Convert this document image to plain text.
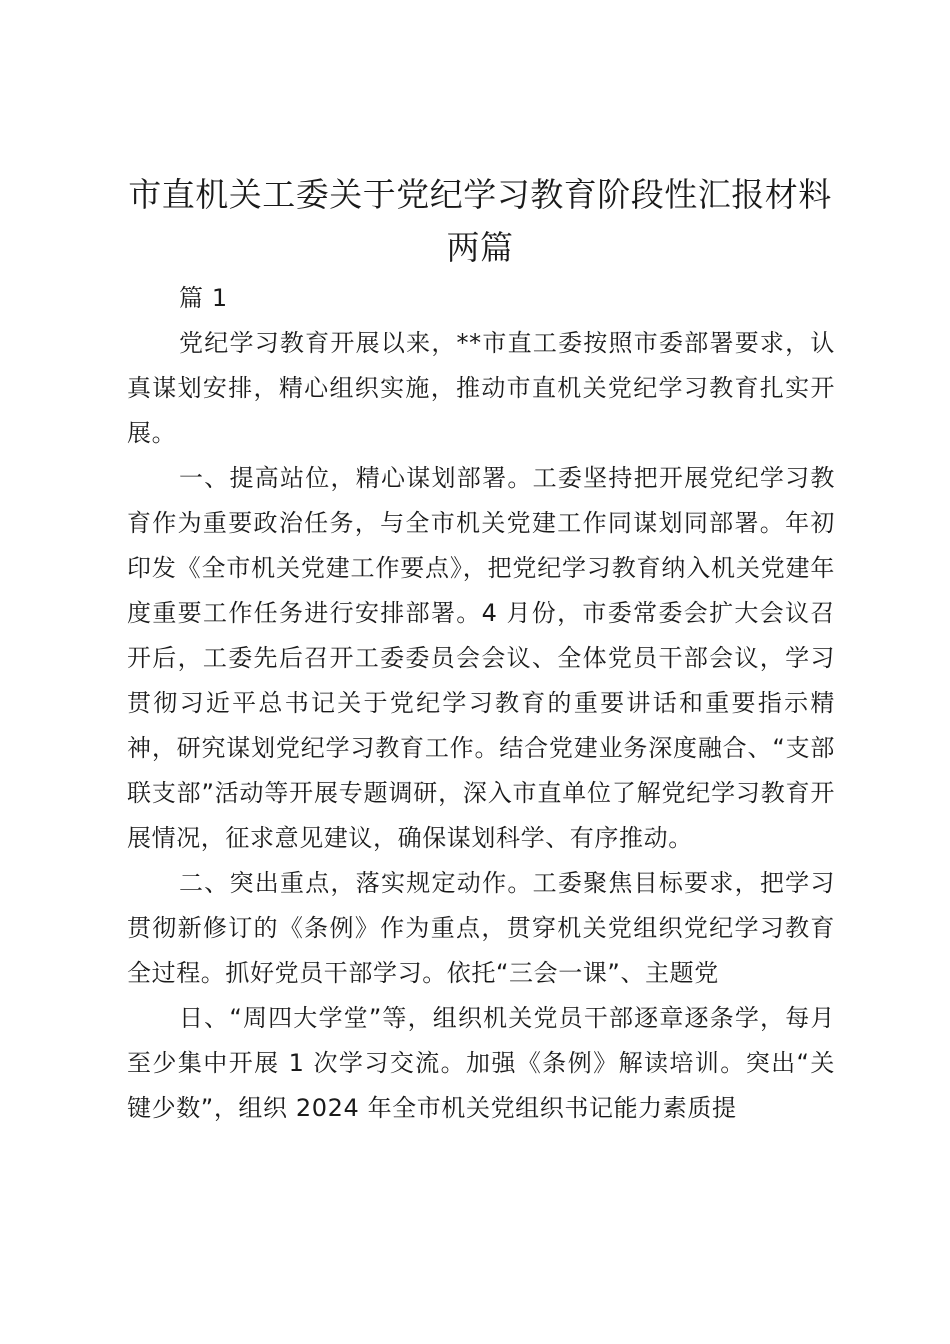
市直机关工委关于党纪学习教育阶段性汇报材料两篇

篇 1

党纪学习教育开展以来，**市直工委按照市委部署要求，认真谋划安排，精心组织实施，推动市直机关党纪学习教育扎实开展。

一、提高站位，精心谋划部署。工委坚持把开展党纪学习教育作为重要政治任务，与全市机关党建工作同谋划同部署。年初印发《全市机关党建工作要点》，把党纪学习教育纳入机关党建年度重要工作任务进行安排部署。4 月份，市委常委会扩大会议召开后，工委先后召开工委委员会会议、全体党员干部会议，学习贯彻习近平总书记关于党纪学习教育的重要讲话和重要指示精神，研究谋划党纪学习教育工作。结合党建业务深度融合、“支部联支部”活动等开展专题调研，深入市直单位了解党纪学习教育开展情况，征求意见建议，确保谋划科学、有序推动。

二、突出重点，落实规定动作。工委聚焦目标要求，把学习贯彻新修订的《条例》作为重点，贯穿机关党组织党纪学习教育全过程。抓好党员干部学习。依托“三会一课”、主题党

日、“周四大学堂”等，组织机关党员干部逐章逐条学，每月至少集中开展 1 次学习交流。加强《条例》解读培训。突出“关键少数”，组织 2024 年全市机关党组织书记能力素质提
